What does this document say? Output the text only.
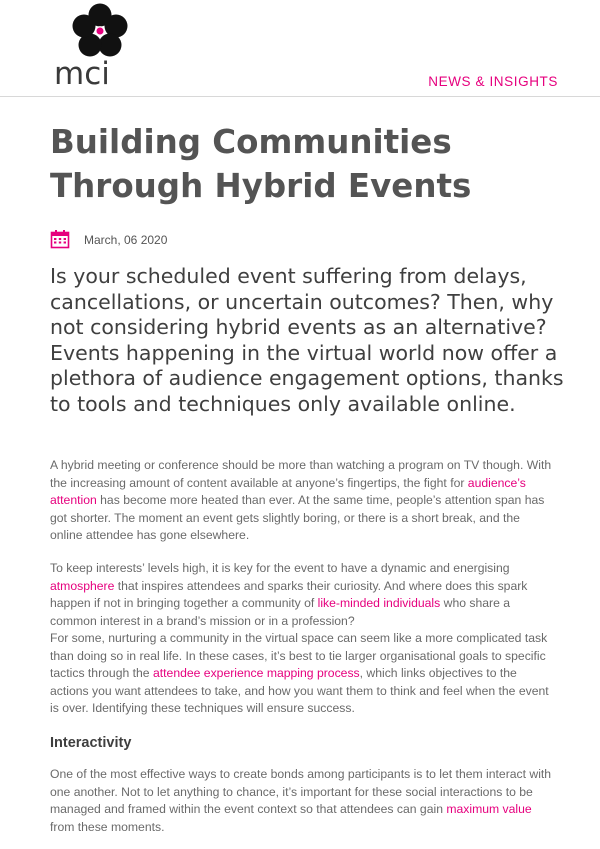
mci	NEWS & INSIGHTS
Building Communities
Through Hybrid Events
March, 06 2020
Is your scheduled event suffering from delays,
cancellations, or uncertain outcomes? Then, why
not considering hybrid events as an alternative?
Events happening in the virtual world now offer a
plethora of audience engagement options, thanks
to tools and techniques only available online.
A hybrid meeting or conference should be more than watching a program on TV though. With
the increasing amount of content available at anyone’s fingertips, the fight for audience’s
attention has become more heated than ever. At the same time, people’s attention span has
got shorter. The moment an event gets slightly boring, or there is a short break, and the
online attendee has gone elsewhere.
To keep interests’ levels high, it is key for the event to have a dynamic and energising
atmosphere that inspires attendees and sparks their curiosity. And where does this spark
happen if not in bringing together a community of like-minded individuals who share a
common interest in a brand’s mission or in a profession?
For some, nurturing a community in the virtual space can seem like a more complicated task
than doing so in real life. In these cases, it’s best to tie larger organisational goals to specific
tactics through the attendee experience mapping process, which links objectives to the
actions you want attendees to take, and how you want them to think and feel when the event
is over. Identifying these techniques will ensure success.
Interactivity
One of the most effective ways to create bonds among participants is to let them interact with
one another. Not to let anything to chance, it’s important for these social interactions to be
managed and framed within the event context so that attendees can gain maximum value
from these moments.
